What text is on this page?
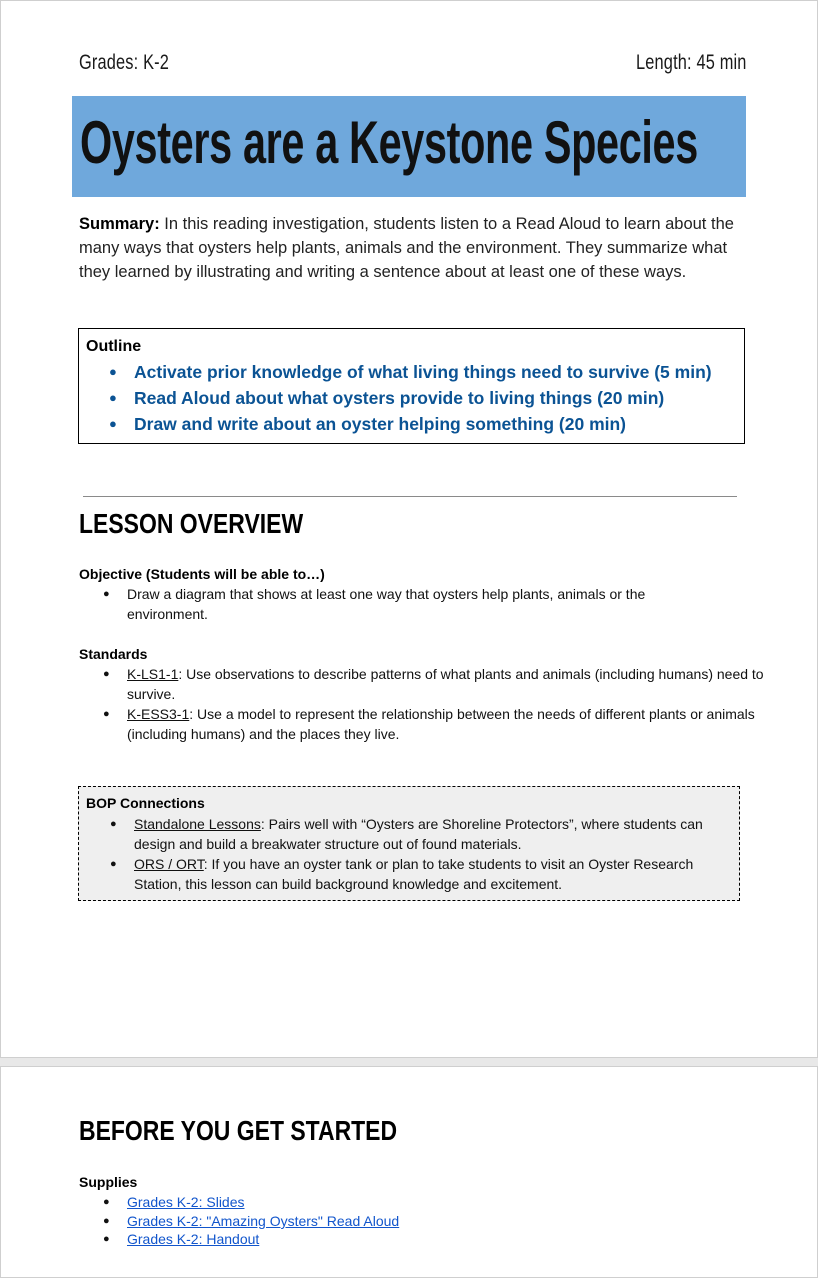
Grades: K-2	Length: 45 min
Oysters are a Keystone Species
Summary: In this reading investigation, students listen to a Read Aloud to learn about the many ways that oysters help plants, animals and the environment. They summarize what they learned by illustrating and writing a sentence about at least one of these ways.
Outline
● Activate prior knowledge of what living things need to survive (5 min)
● Read Aloud about what oysters provide to living things (20 min)
● Draw and write about an oyster helping something (20 min)
LESSON OVERVIEW
Objective (Students will be able to…)
● Draw a diagram that shows at least one way that oysters help plants, animals or the environment.
Standards
● K-LS1-1: Use observations to describe patterns of what plants and animals (including humans) need to survive.
● K-ESS3-1: Use a model to represent the relationship between the needs of different plants or animals (including humans) and the places they live.
BOP Connections
● Standalone Lessons: Pairs well with “Oysters are Shoreline Protectors”, where students can design and build a breakwater structure out of found materials.
● ORS / ORT: If you have an oyster tank or plan to take students to visit an Oyster Research Station, this lesson can build background knowledge and excitement.
BEFORE YOU GET STARTED
Supplies
● Grades K-2: Slides
● Grades K-2: "Amazing Oysters" Read Aloud
● Grades K-2: Handout
